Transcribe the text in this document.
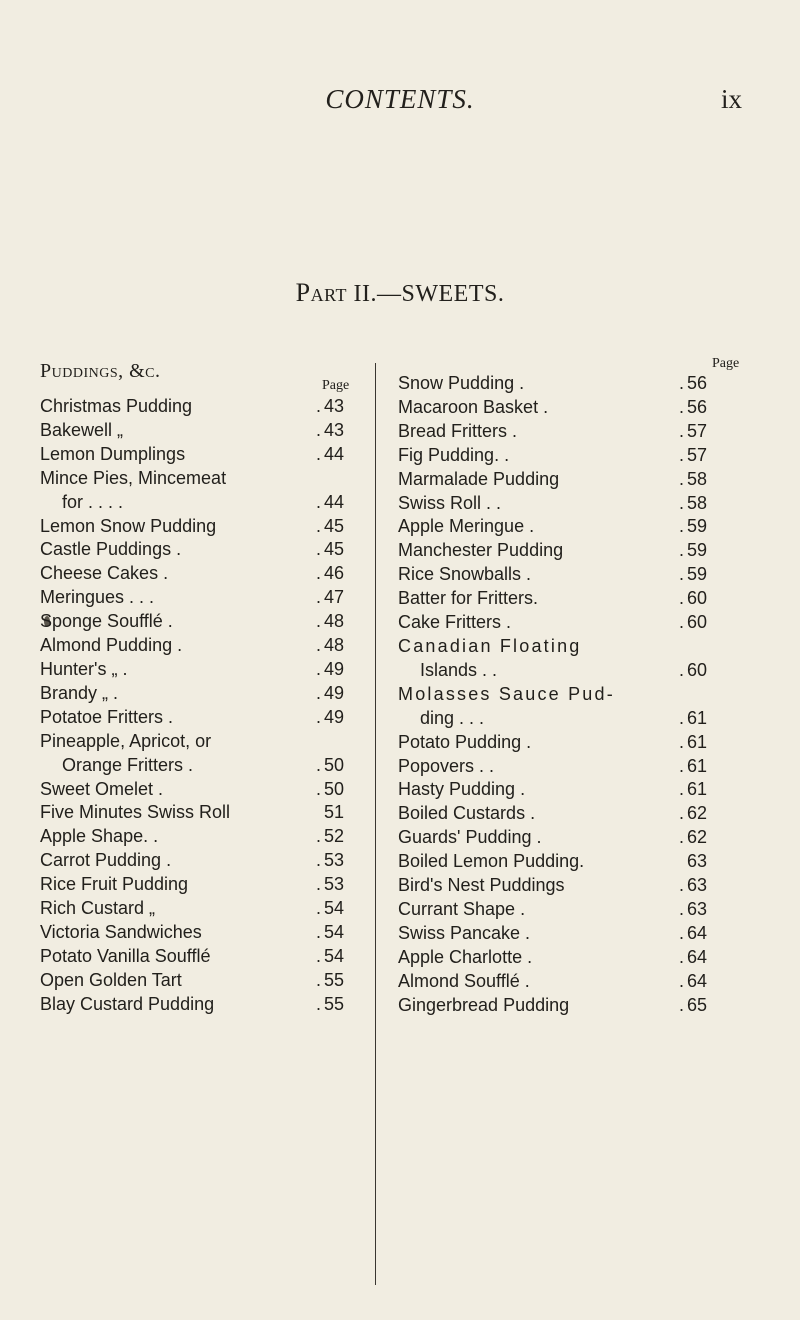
CONTENTS.	ix
Part II.—SWEETS.
Puddings, &c.
Page
Page
Christmas Pudding	. 43
Bakewell „	. 43
Lemon Dumplings	. 44
Mince Pies, Mincemeat
for . . . .	. 44
Lemon Snow Pudding	. 45
Castle Puddings .	. 45
Cheese Cakes .	. 46
Meringues . . .	. 47
Sponge Soufflé .	. 48
Almond Pudding .	. 48
Hunter's „ .	. 49
Brandy „ .	. 49
Potatoe Fritters .	. 49
Pineapple, Apricot, or
Orange Fritters .	. 50
Sweet Omelet .	. 50
Five Minutes Swiss Roll	51
Apple Shape. .	. 52
Carrot Pudding .	. 53
Rice Fruit Pudding	. 53
Rich Custard „	. 54
Victoria Sandwiches	. 54
Potato Vanilla Soufflé	. 54
Open Golden Tart	. 55
Blay Custard Pudding	. 55
Snow Pudding .	. 56
Macaroon Basket .	. 56
Bread Fritters .	. 57
Fig Pudding. .	. 57
Marmalade Pudding	. 58
Swiss Roll . .	. 58
Apple Meringue .	. 59
Manchester Pudding	. 59
Rice Snowballs .	. 59
Batter for Fritters.	. 60
Cake Fritters .	. 60
Canadian Floating
Islands . .	. 60
Molasses Sauce Pud-
ding . . .	. 61
Potato Pudding .	. 61
Popovers . .	. 61
Hasty Pudding .	. 61
Boiled Custards .	. 62
Guards' Pudding .	. 62
Boiled Lemon Pudding.	63
Bird's Nest Puddings	. 63
Currant Shape .	. 63
Swiss Pancake .	. 64
Apple Charlotte .	. 64
Almond Soufflé .	. 64
Gingerbread Pudding	. 65
